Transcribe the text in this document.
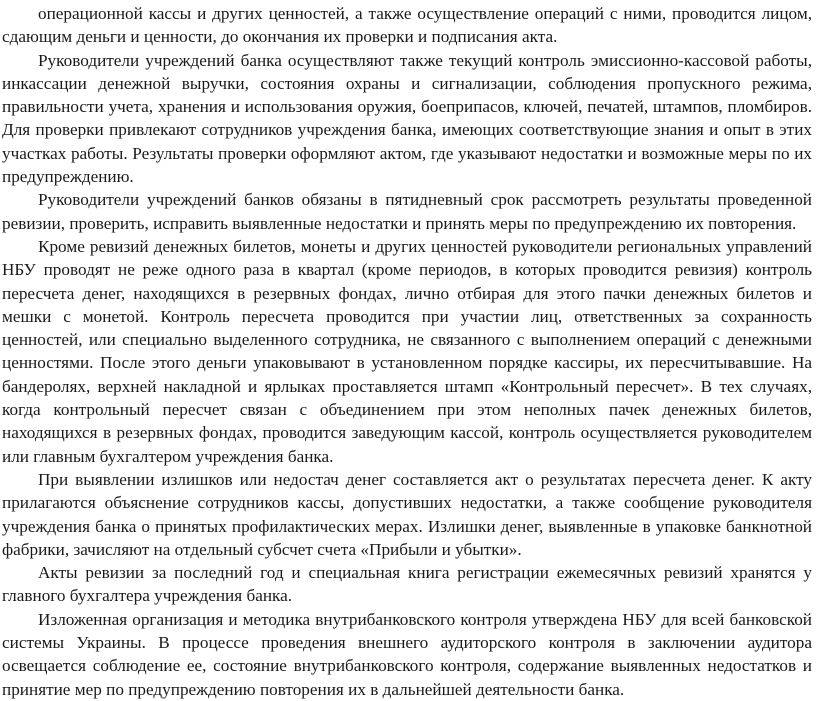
операционной кассы и других ценностей, а также осуществление операций с ними, проводится лицом, сдающим деньги и ценности, до окончания их проверки и подписания акта.

Руководители учреждений банка осуществляют также текущий контроль эмиссионно-кассовой работы, инкассации денежной выручки, состояния охраны и сигнализации, соблюдения пропускного режима, правильности учета, хранения и использования оружия, боеприпасов, ключей, печатей, штампов, пломбиров. Для проверки привлекают сотрудников учреждения банка, имеющих соответствующие знания и опыт в этих участках работы. Результаты проверки оформляют актом, где указывают недостатки и возможные меры по их предупреждению.

Руководители учреждений банков обязаны в пятидневный срок рассмотреть результаты проведенной ревизии, проверить, исправить выявленные недостатки и принять меры по предупреждению их повторения.

Кроме ревизий денежных билетов, монеты и других ценностей руководители региональных управлений НБУ проводят не реже одного раза в квартал (кроме периодов, в которых проводится ревизия) контроль пересчета денег, находящихся в резервных фондах, лично отбирая для этого пачки денежных билетов и мешки с монетой. Контроль пересчета проводится при участии лиц, ответственных за сохранность ценностей, или специально выделенного сотрудника, не связанного с выполнением операций с денежными ценностями. После этого деньги упаковывают в установленном порядке кассиры, их пересчитывавшие. На бандеролях, верхней накладной и ярлыках проставляется штамп «Контрольный пересчет». В тех случаях, когда контрольный пересчет связан с объединением при этом неполных пачек денежных билетов, находящихся в резервных фондах, проводится заведующим кассой, контроль осуществляется руководителем или главным бухгалтером учреждения банка.

При выявлении излишков или недостач денег составляется акт о результатах пересчета денег. К акту прилагаются объяснение сотрудников кассы, допустивших недостатки, а также сообщение руководителя учреждения банка о принятых профилактических мерах. Излишки денег, выявленные в упаковке банкнотной фабрики, зачисляют на отдельный субсчет счета «Прибыли и убытки».

Акты ревизии за последний год и специальная книга регистрации ежемесячных ревизий хранятся у главного бухгалтера учреждения банка.

Изложенная организация и методика внутрибанковского контроля утверждена НБУ для всей банковской системы Украины. В процессе проведения внешнего аудиторского контроля в заключении аудитора освещается соблюдение ее, состояние внутрибанковского контроля, содержание выявленных недостатков и принятие мер по предупреждению повторения их в дальнейшей деятельности банка.
